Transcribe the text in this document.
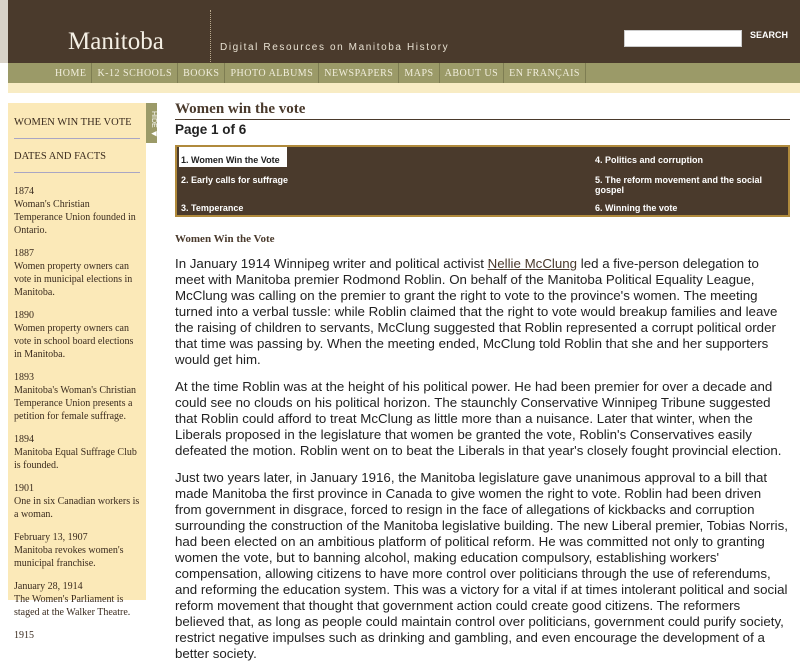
Manitoba	Digital Resources on Manitoba History
SEARCH
HOME	K-12 SCHOOLS	BOOKS	PHOTO ALBUMS	NEWSPAPERS	MAPS	ABOUT US	EN FRANÇAIS
WOMEN WIN THE VOTE
DATES AND FACTS
1874
Woman's Christian Temperance Union founded in Ontario.
1887
Women property owners can vote in municipal elections in Manitoba.
1890
Women property owners can vote in school board elections in Manitoba.
1893
Manitoba's Woman's Christian Temperance Union presents a petition for female suffrage.
1894
Manitoba Equal Suffrage Club is founded.
1901
One in six Canadian workers is a woman.
February 13, 1907
Manitoba revokes women's municipal franchise.
January 28, 1914
The Women's Parliament is staged at the Walker Theatre.
1915
HIDE ◀
Women win the vote
Page 1 of 6
1. Women Win the Vote	4. Politics and corruption
2. Early calls for suffrage	5. The reform movement and the social gospel
3. Temperance	6. Winning the vote
Women Win the Vote

In January 1914 Winnipeg writer and political activist Nellie McClung led a five-person delegation to meet with Manitoba premier Rodmond Roblin. On behalf of the Manitoba Political Equality League, McClung was calling on the premier to grant the right to vote to the province's women. The meeting turned into a verbal tussle: while Roblin claimed that the right to vote would breakup families and leave the raising of children to servants, McClung suggested that Roblin represented a corrupt political order that time was passing by. When the meeting ended, McClung told Roblin that she and her supporters would get him.

At the time Roblin was at the height of his political power. He had been premier for over a decade and could see no clouds on his political horizon. The staunchly Conservative Winnipeg Tribune suggested that Roblin could afford to treat McClung as little more than a nuisance. Later that winter, when the Liberals proposed in the legislature that women be granted the vote, Roblin's Conservatives easily defeated the motion. Roblin went on to beat the Liberals in that year's closely fought provincial election.

Just two years later, in January 1916, the Manitoba legislature gave unanimous approval to a bill that made Manitoba the first province in Canada to give women the right to vote. Roblin had been driven from government in disgrace, forced to resign in the face of allegations of kickbacks and corruption surrounding the construction of the Manitoba legislative building. The new Liberal premier, Tobias Norris, had been elected on an ambitious platform of political reform. He was committed not only to granting women the vote, but to banning alcohol, making education compulsory, establishing workers' compensation, allowing citizens to have more control over politicians through the use of referendums, and reforming the education system. This was a victory for a vital if at times intolerant political and social reform movement that thought that government action could create good citizens. The reformers believed that, as long as people could maintain control over politicians, government could purify society, restrict negative impulses such as drinking and gambling, and even encourage the development of a better society.
